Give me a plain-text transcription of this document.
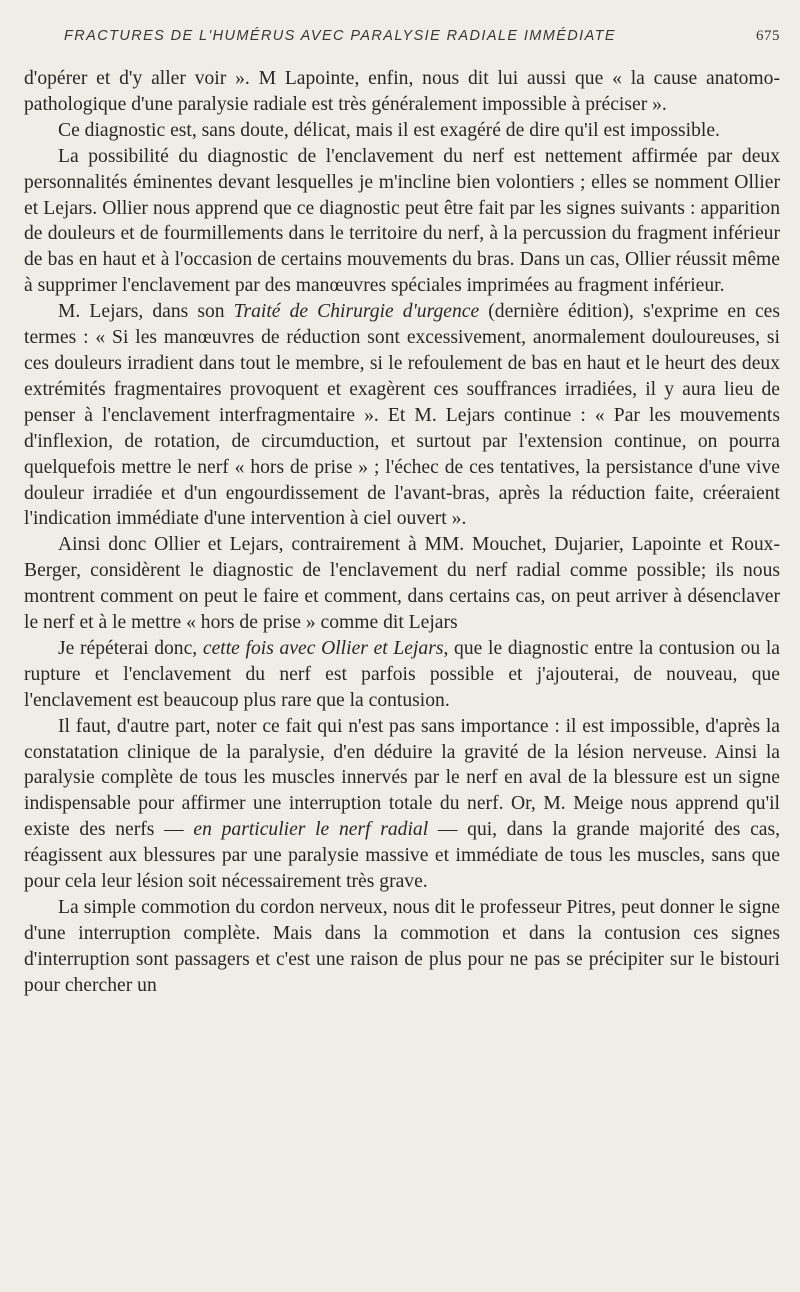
FRACTURES DE L'HUMÉRUS AVEC PARALYSIE RADIALE IMMÉDIATE	675

d'opérer et d'y aller voir ». M Lapointe, enfin, nous dit lui aussi que « la cause anatomo-pathologique d'une paralysie radiale est très généralement impossible à préciser ».

Ce diagnostic est, sans doute, délicat, mais il est exagéré de dire qu'il est impossible.

La possibilité du diagnostic de l'enclavement du nerf est nettement affirmée par deux personnalités éminentes devant lesquelles je m'incline bien volontiers ; elles se nomment Ollier et Lejars. Ollier nous apprend que ce diagnostic peut être fait par les signes suivants : apparition de douleurs et de fourmillements dans le territoire du nerf, à la percussion du fragment inférieur de bas en haut et à l'occasion de certains mouvements du bras. Dans un cas, Ollier réussit même à supprimer l'enclavement par des manœuvres spéciales imprimées au fragment inférieur.

M. Lejars, dans son Traité de Chirurgie d'urgence (dernière édition), s'exprime en ces termes : « Si les manœuvres de réduction sont excessivement, anormalement douloureuses, si ces douleurs irradient dans tout le membre, si le refoulement de bas en haut et le heurt des deux extrémités fragmentaires provoquent et exagèrent ces souffrances irradiées, il y aura lieu de penser à l'enclavement interfragmentaire ». Et M. Lejars continue : « Par les mouvements d'inflexion, de rotation, de circumduction, et surtout par l'extension continue, on pourra quelquefois mettre le nerf « hors de prise » ; l'échec de ces tentatives, la persistance d'une vive douleur irradiée et d'un engourdissement de l'avant-bras, après la réduction faite, créeraient l'indication immédiate d'une intervention à ciel ouvert ».

Ainsi donc Ollier et Lejars, contrairement à MM. Mouchet, Dujarier, Lapointe et Roux-Berger, considèrent le diagnostic de l'enclavement du nerf radial comme possible; ils nous montrent comment on peut le faire et comment, dans certains cas, on peut arriver à désenclaver le nerf et à le mettre « hors de prise » comme dit Lejars

Je répéterai donc, cette fois avec Ollier et Lejars, que le diagnostic entre la contusion ou la rupture et l'enclavement du nerf est parfois possible et j'ajouterai, de nouveau, que l'enclavement est beaucoup plus rare que la contusion.

Il faut, d'autre part, noter ce fait qui n'est pas sans importance : il est impossible, d'après la constatation clinique de la paralysie, d'en déduire la gravité de la lésion nerveuse. Ainsi la paralysie complète de tous les muscles innervés par le nerf en aval de la blessure est un signe indispensable pour affirmer une interruption totale du nerf. Or, M. Meige nous apprend qu'il existe des nerfs — en particulier le nerf radial — qui, dans la grande majorité des cas, réagissent aux blessures par une paralysie massive et immédiate de tous les muscles, sans que pour cela leur lésion soit nécessairement très grave.

La simple commotion du cordon nerveux, nous dit le professeur Pitres, peut donner le signe d'une interruption complète. Mais dans la commotion et dans la contusion ces signes d'interruption sont passagers et c'est une raison de plus pour ne pas se précipiter sur le bistouri pour chercher un
